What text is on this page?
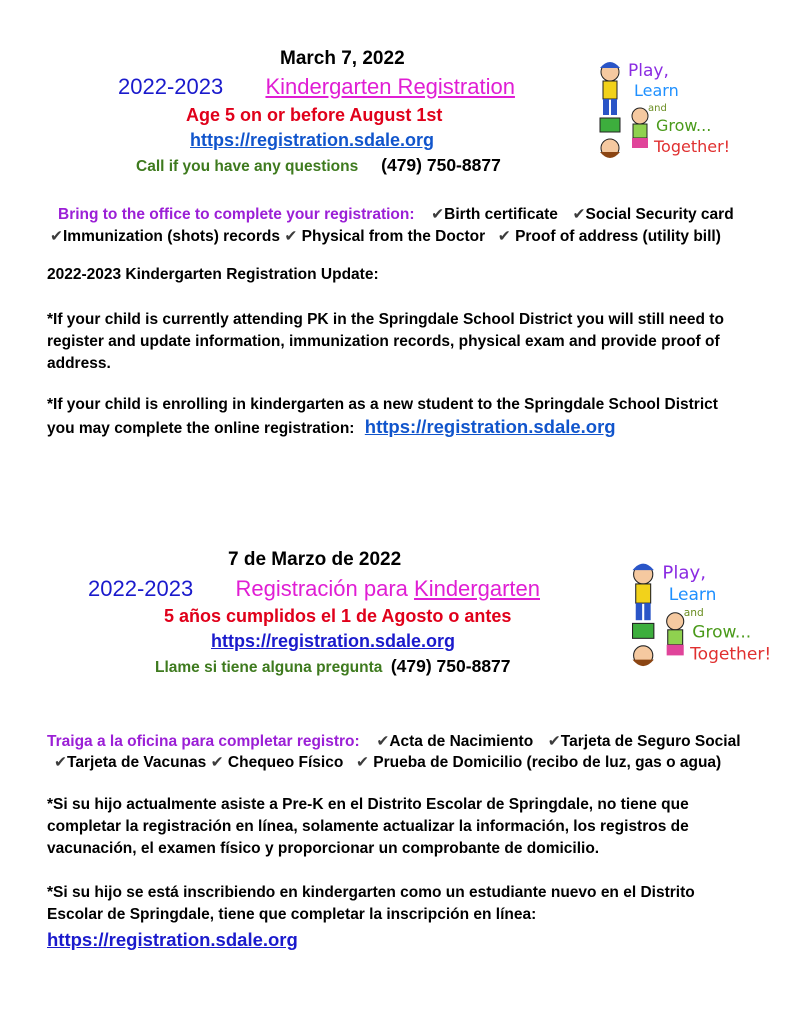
March 7, 2022
2022-2023 Kindergarten Registration
Age 5 on or before August 1st
https://registration.sdale.org
Call if you have any questions (479) 750-8877
Bring to the office to complete your registration: ✔Birth certificate ✔Social Security card
✔Immunization (shots) records ✔ Physical from the Doctor ✔ Proof of address (utility bill)
2022-2023 Kindergarten Registration Update:
*If your child is currently attending PK in the Springdale School District you will still need to register and update information, immunization records, physical exam and provide proof of address.
*If your child is enrolling in kindergarten as a new student to the Springdale School District you may complete the online registration: https://registration.sdale.org
Play,
Learn
and
Grow...
Together!
7 de Marzo de 2022
2022-2023 Registración para Kindergarten
5 años cumplidos el 1 de Agosto o antes
https://registration.sdale.org
Llame si tiene alguna pregunta (479) 750-8877
Traiga a la oficina para completar registro: ✔Acta de Nacimiento ✔Tarjeta de Seguro Social
✔Tarjeta de Vacunas ✔ Chequeo Físico ✔ Prueba de Domicilio (recibo de luz, gas o agua)
*Si su hijo actualmente asiste a Pre-K en el Distrito Escolar de Springdale, no tiene que completar la registración en línea, solamente actualizar la información, los registros de vacunación, el examen físico y proporcionar un comprobante de domicilio.
*Si su hijo se está inscribiendo en kindergarten como un estudiante nuevo en el Distrito Escolar de Springdale, tiene que completar la inscripción en línea:
https://registration.sdale.org
Play,
Learn
and
Grow...
Together!
